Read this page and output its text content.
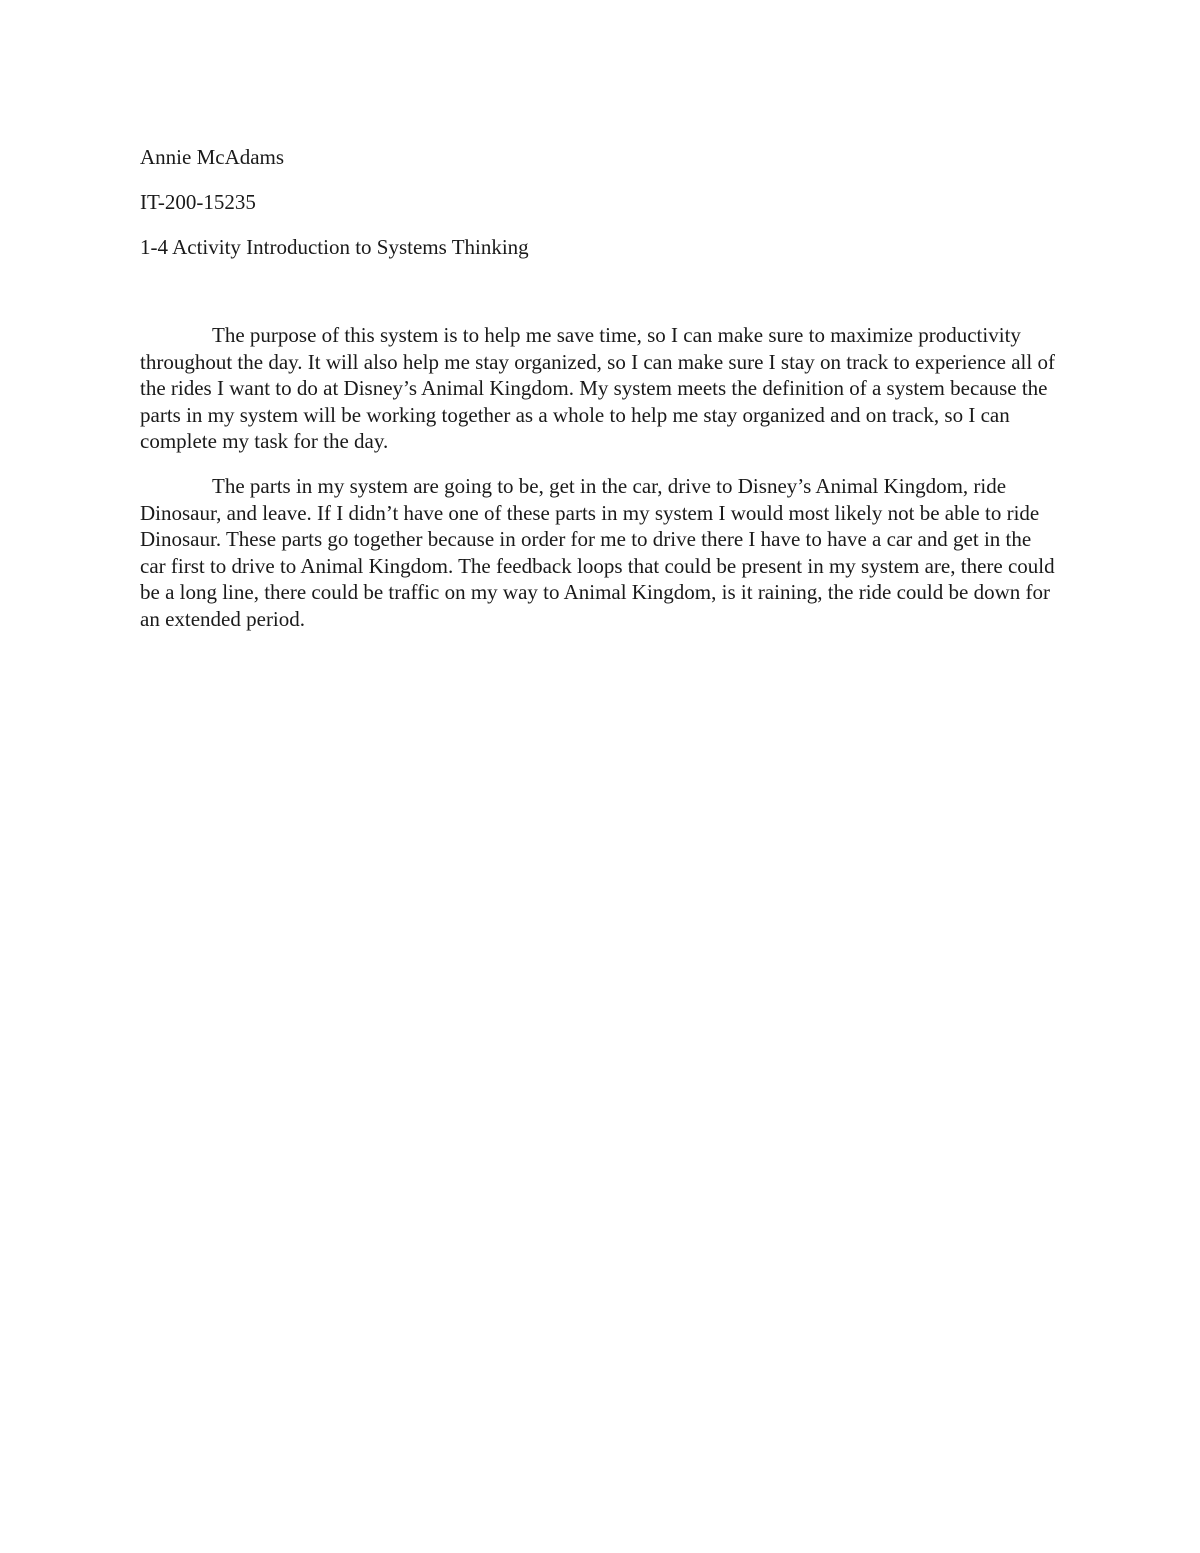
Annie McAdams

IT-200-15235

1-4 Activity Introduction to Systems Thinking

The purpose of this system is to help me save time, so I can make sure to maximize productivity throughout the day. It will also help me stay organized, so I can make sure I stay on track to experience all of the rides I want to do at Disney’s Animal Kingdom. My system meets the definition of a system because the parts in my system will be working together as a whole to help me stay organized and on track, so I can complete my task for the day.

The parts in my system are going to be, get in the car, drive to Disney’s Animal Kingdom, ride Dinosaur, and leave. If I didn’t have one of these parts in my system I would most likely not be able to ride Dinosaur. These parts go together because in order for me to drive there I have to have a car and get in the car first to drive to Animal Kingdom. The feedback loops that could be present in my system are, there could be a long line, there could be traffic on my way to Animal Kingdom, is it raining, the ride could be down for an extended period.
